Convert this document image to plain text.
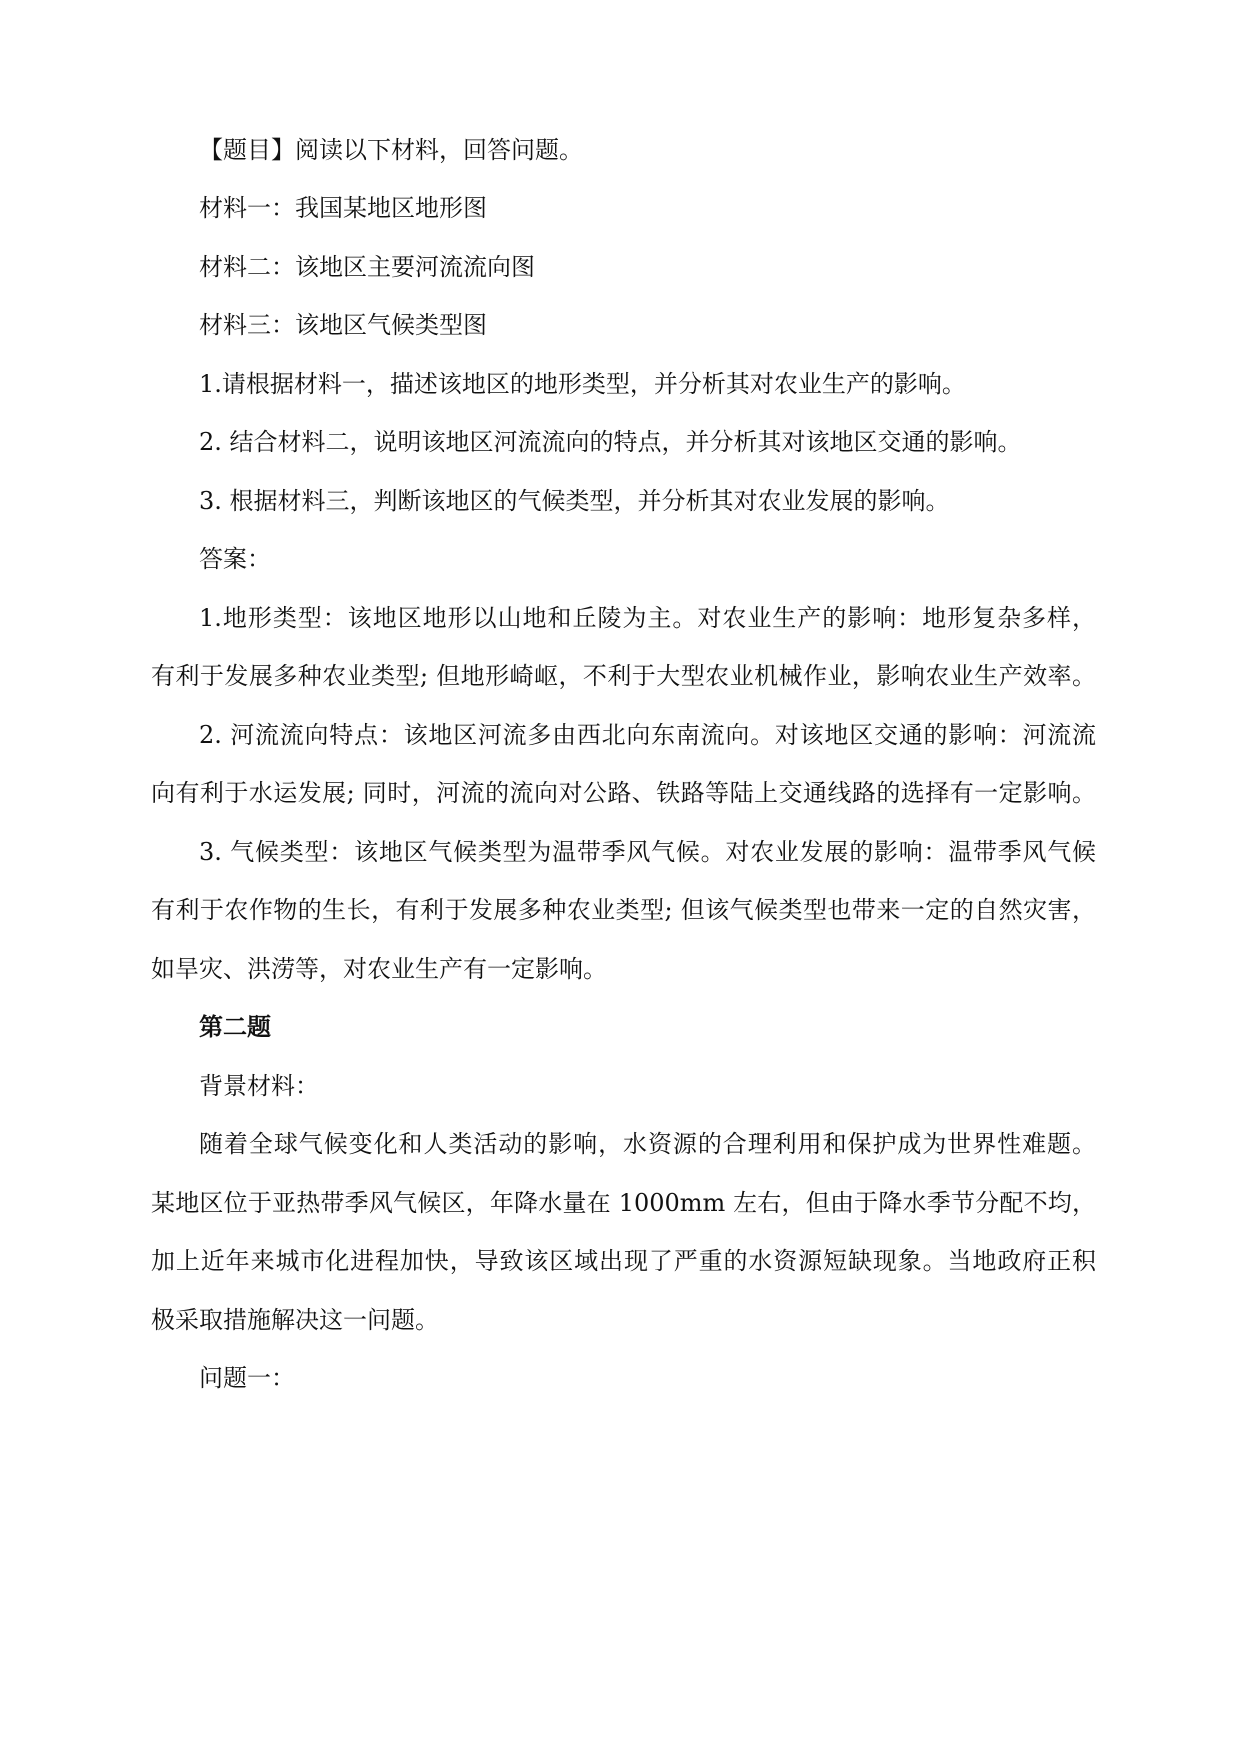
【题目】阅读以下材料，回答问题。
材料一：我国某地区地形图
材料二：该地区主要河流流向图
材料三：该地区气候类型图
1.请根据材料一，描述该地区的地形类型，并分析其对农业生产的影响。
2. 结合材料二，说明该地区河流流向的特点，并分析其对该地区交通的影响。
3. 根据材料三，判断该地区的气候类型，并分析其对农业发展的影响。
答案：
1.地形类型：该地区地形以山地和丘陵为主。对农业生产的影响：地形复杂多样，
有利于发展多种农业类型; 但地形崎岖，不利于大型农业机械作业，影响农业生产效率。
2. 河流流向特点：该地区河流多由西北向东南流向。对该地区交通的影响：河流流
向有利于水运发展; 同时，河流的流向对公路、铁路等陆上交通线路的选择有一定影响。
3. 气候类型：该地区气候类型为温带季风气候。对农业发展的影响：温带季风气候
有利于农作物的生长，有利于发展多种农业类型; 但该气候类型也带来一定的自然灾害，
如旱灾、洪涝等，对农业生产有一定影响。
第二题
背景材料：
随着全球气候变化和人类活动的影响，水资源的合理利用和保护成为世界性难题。
某地区位于亚热带季风气候区，年降水量在 1000mm 左右，但由于降水季节分配不均，
加上近年来城市化进程加快，导致该区域出现了严重的水资源短缺现象。当地政府正积
极采取措施解决这一问题。
问题一：
